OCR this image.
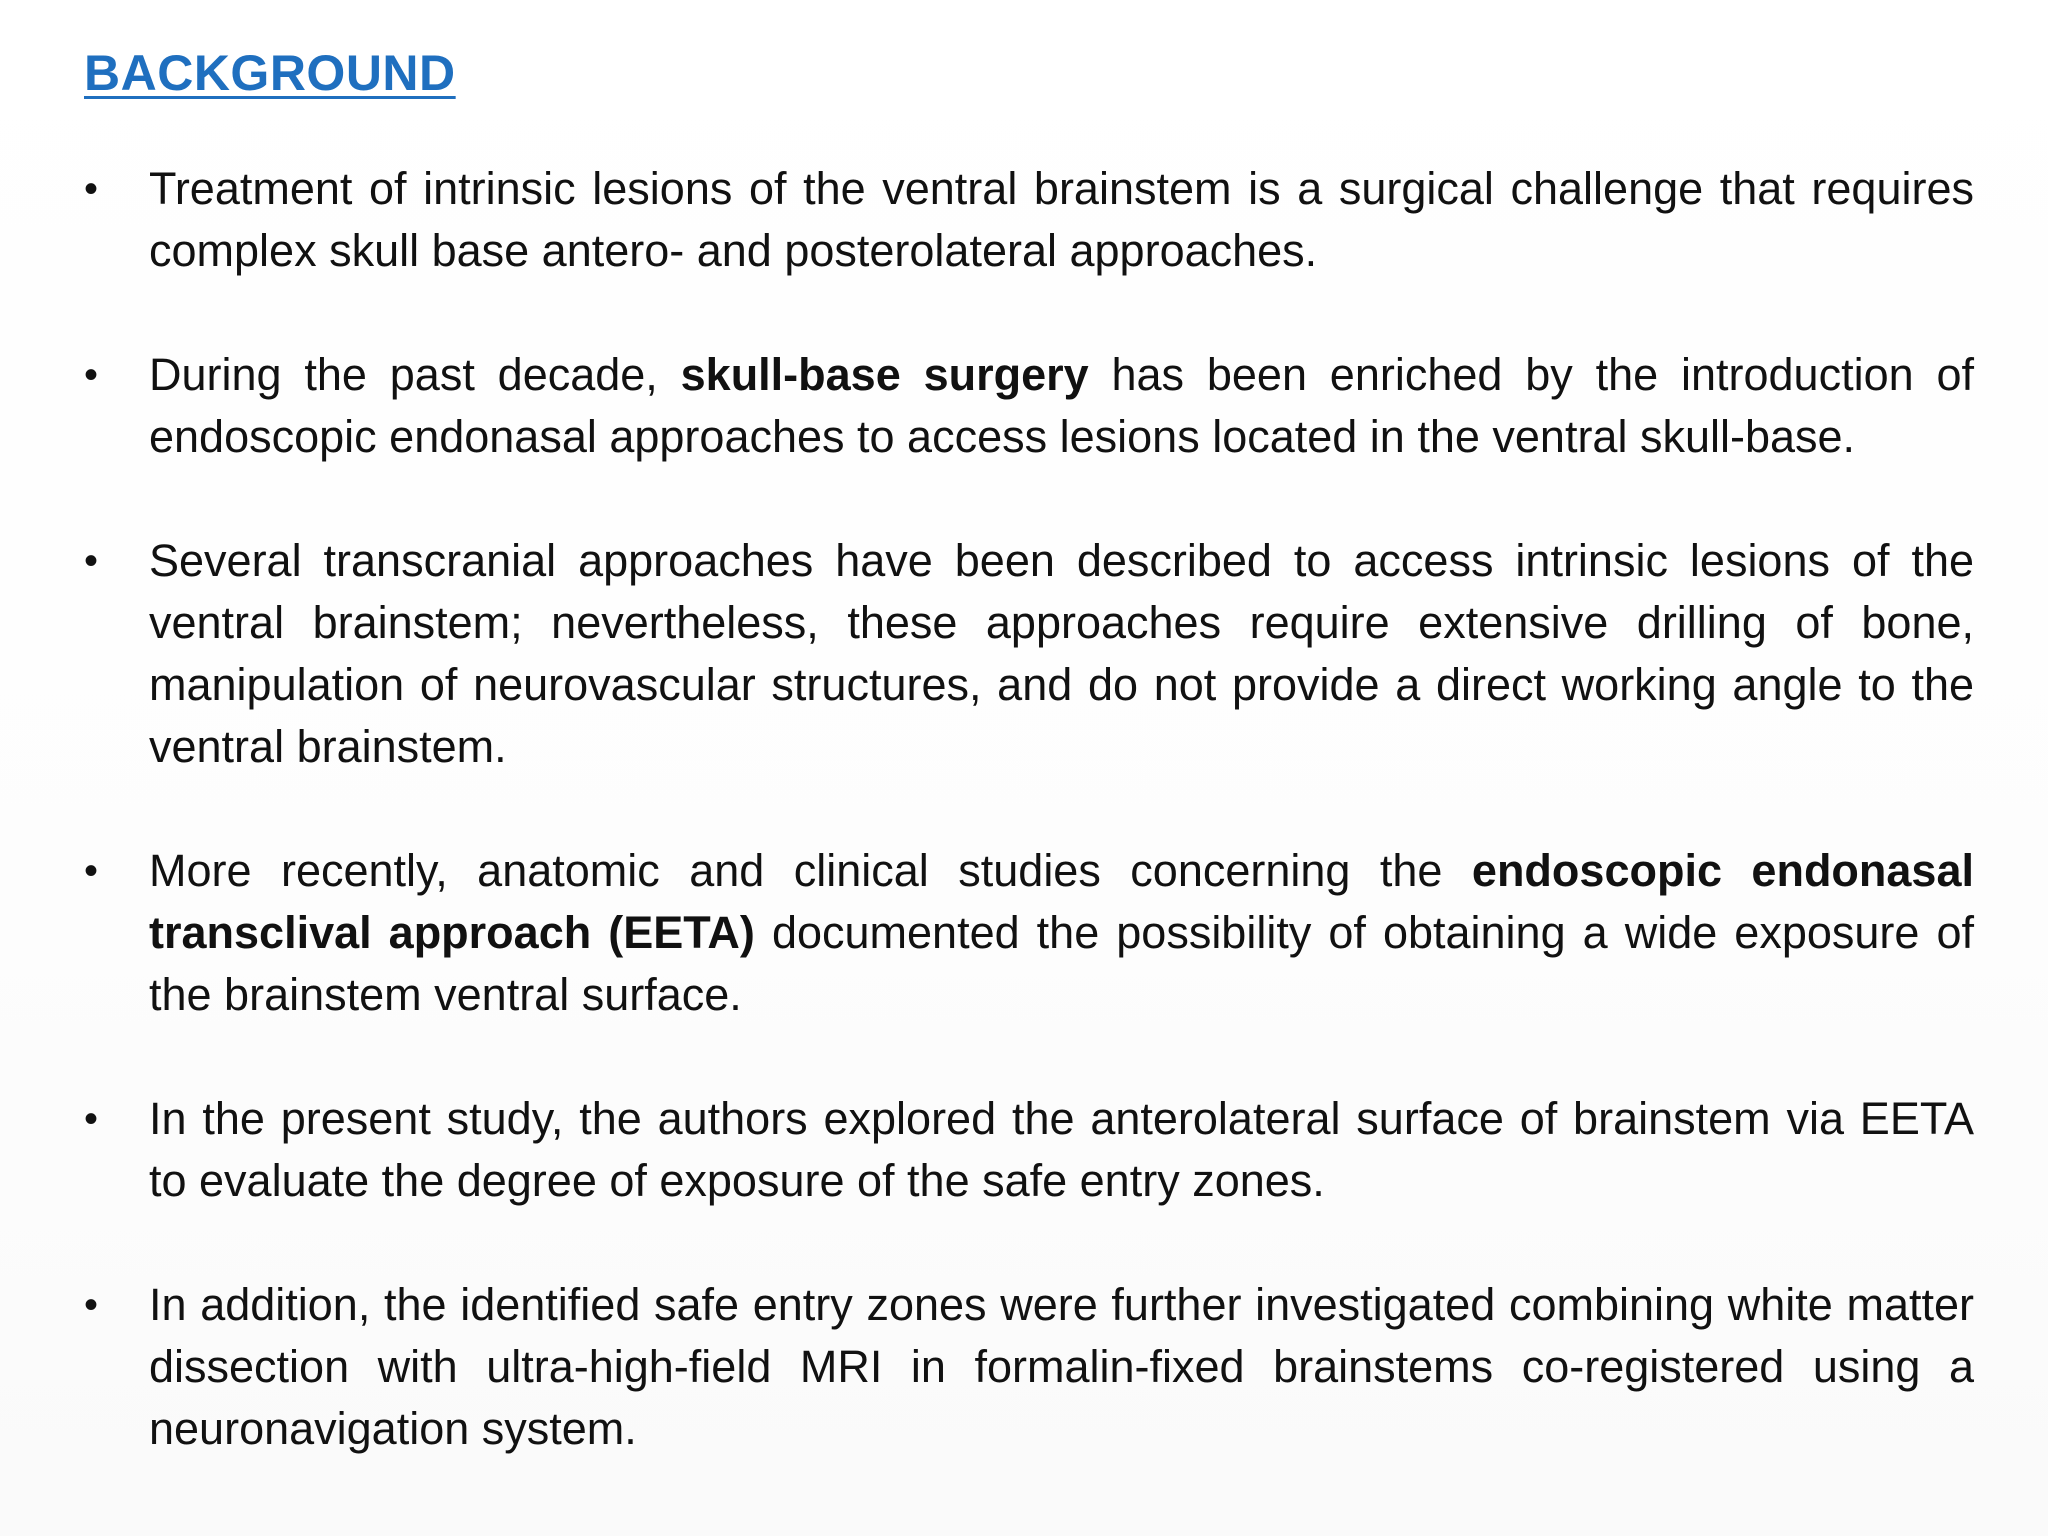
BACKGROUND
• Treatment of intrinsic lesions of the ventral brainstem is a surgical challenge that requires complex skull base antero- and posterolateral approaches.
• During the past decade, skull-base surgery has been enriched by the introduction of endoscopic endonasal approaches to access lesions located in the ventral skull-base.
• Several transcranial approaches have been described to access intrinsic lesions of the ventral brainstem; nevertheless, these approaches require extensive drilling of bone, manipulation of neurovascular structures, and do not provide a direct working angle to the ventral brainstem.
• More recently, anatomic and clinical studies concerning the endoscopic endonasal transclival approach (EETA) documented the possibility of obtaining a wide exposure of the brainstem ventral surface.
• In the present study, the authors explored the anterolateral surface of brainstem via EETA to evaluate the degree of exposure of the safe entry zones.
• In addition, the identified safe entry zones were further investigated combining white matter dissection with ultra-high-field MRI in formalin-fixed brainstems co-registered using a neuronavigation system.
